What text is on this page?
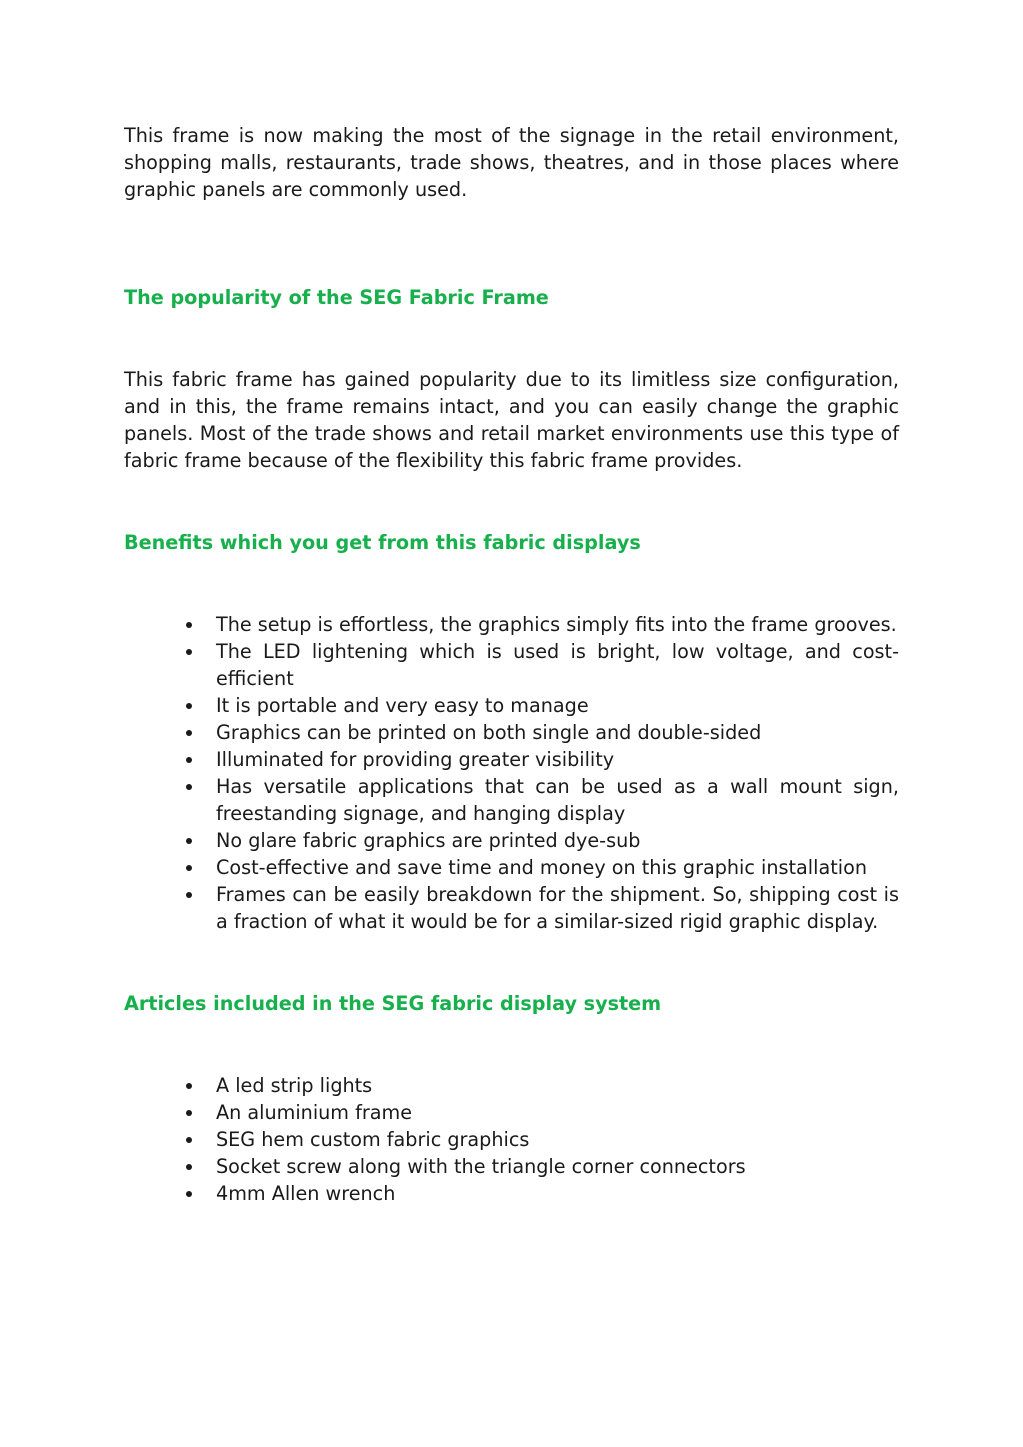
This frame is now making the most of the signage in the retail environment, shopping malls, restaurants, trade shows, theatres, and in those places where graphic panels are commonly used.

The popularity of the SEG Fabric Frame

This fabric frame has gained popularity due to its limitless size configuration, and in this, the frame remains intact, and you can easily change the graphic panels. Most of the trade shows and retail market environments use this type of fabric frame because of the flexibility this fabric frame provides.

Benefits which you get from this fabric displays
The setup is effortless, the graphics simply fits into the frame grooves.
The LED lightening which is used is bright, low voltage, and cost-efficient
It is portable and very easy to manage
Graphics can be printed on both single and double-sided
Illuminated for providing greater visibility
Has versatile applications that can be used as a wall mount sign, freestanding signage, and hanging display
No glare fabric graphics are printed dye-sub
Cost-effective and save time and money on this graphic installation
Frames can be easily breakdown for the shipment. So, shipping cost is a fraction of what it would be for a similar-sized rigid graphic display.
Articles included in the SEG fabric display system
A led strip lights
An aluminium frame
SEG hem custom fabric graphics
Socket screw along with the triangle corner connectors
4mm Allen wrench
